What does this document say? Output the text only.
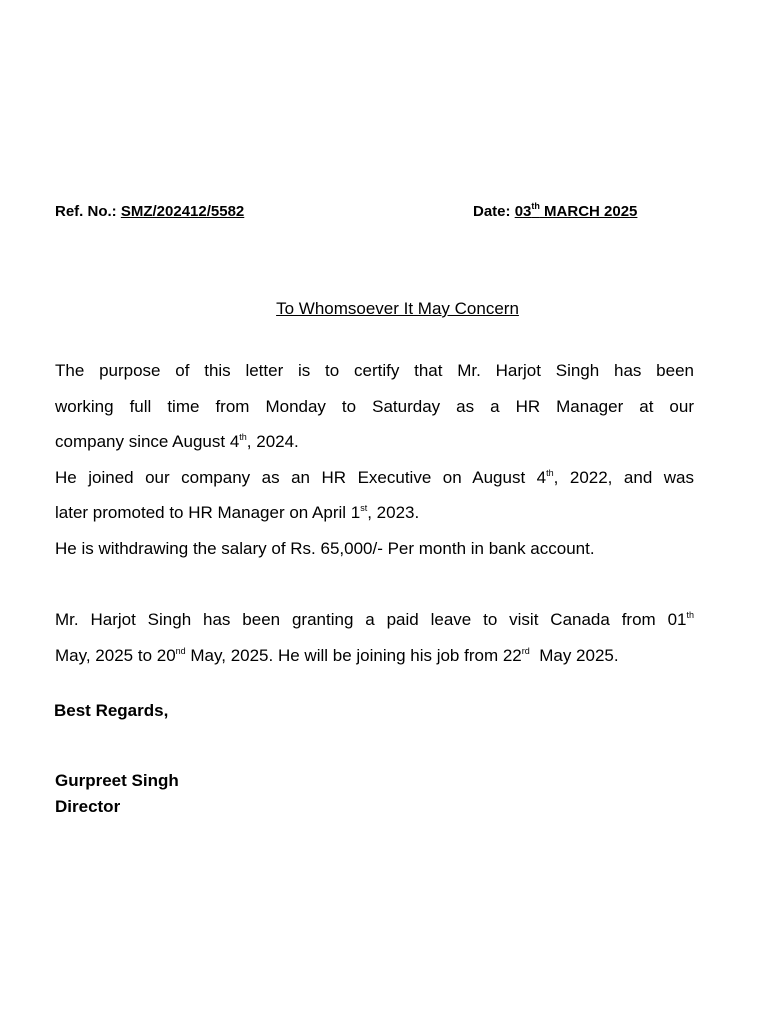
Ref. No.: SMZ/202412/5582	Date: 03th MARCH 2025
To Whomsoever It May Concern
The purpose of this letter is to certify that Mr. Harjot Singh has been
working full time from Monday to Saturday as a HR Manager at our
company since August 4th, 2024.
He joined our company as an HR Executive on August 4th, 2022, and was
later promoted to HR Manager on April 1st, 2023.
He is withdrawing the salary of Rs. 65,000/- Per month in bank account.
Mr. Harjot Singh has been granting a paid leave to visit Canada from 01th
May, 2025 to 20nd May, 2025. He will be joining his job from 22rd  May 2025.
Best Regards,
Gurpreet Singh
Director
